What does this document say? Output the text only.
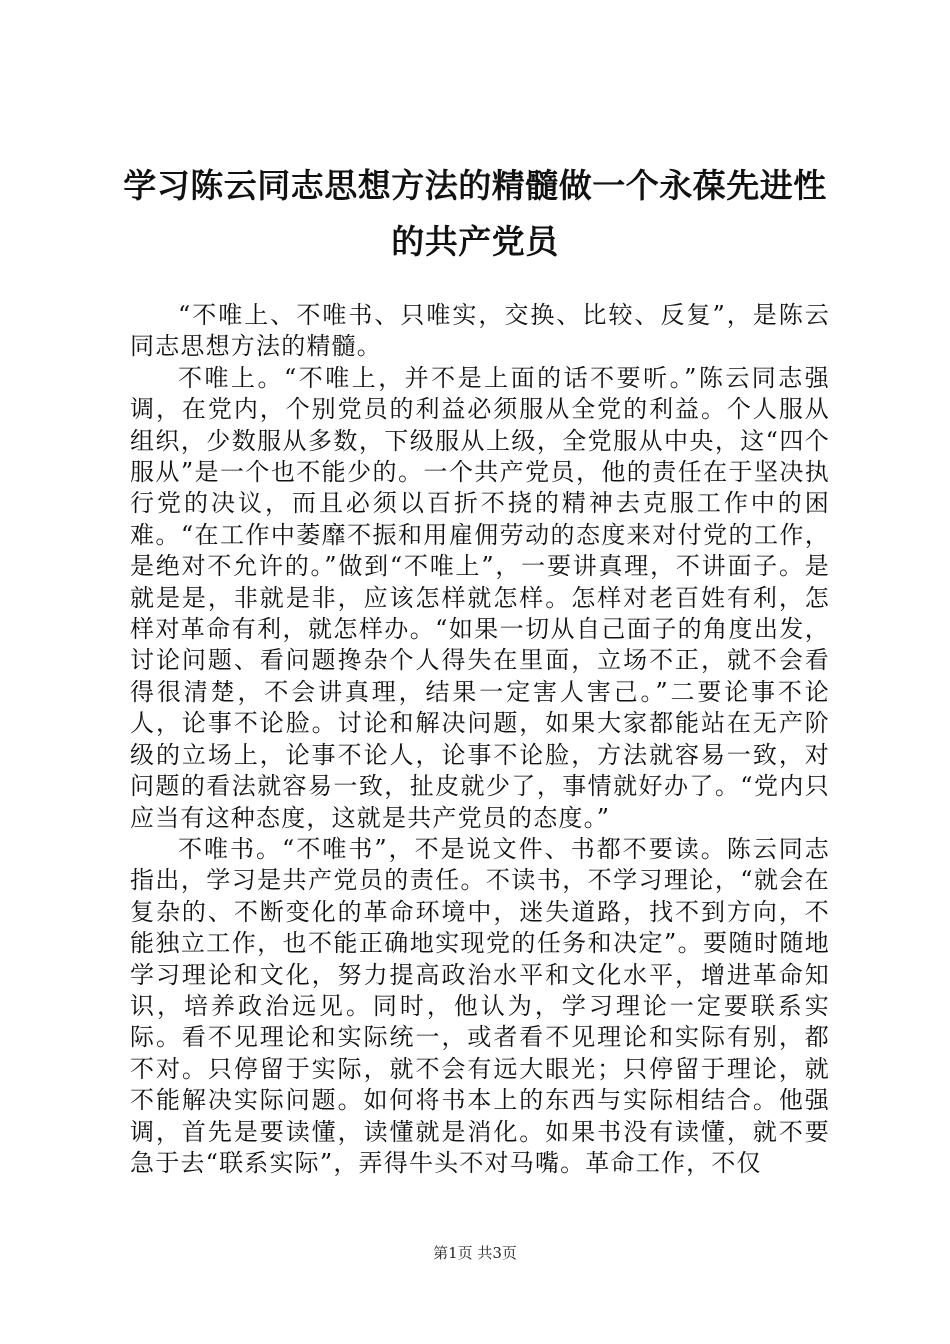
学习陈云同志思想方法的精髓做一个永葆先进性的共产党员

“不唯上、不唯书、只唯实，交换、比较、反复”，是陈云同志思想方法的精髓。

不唯上。“不唯上，并不是上面的话不要听。”陈云同志强调，在党内，个别党员的利益必须服从全党的利益。个人服从组织，少数服从多数，下级服从上级，全党服从中央，这“四个服从”是一个也不能少的。一个共产党员，他的责任在于坚决执行党的决议，而且必须以百折不挠的精神去克服工作中的困难。“在工作中萎靡不振和用雇佣劳动的态度来对付党的工作，是绝对不允许的。”做到“不唯上”，一要讲真理，不讲面子。是就是是，非就是非，应该怎样就怎样。怎样对老百姓有利，怎样对革命有利，就怎样办。“如果一切从自己面子的角度出发，讨论问题、看问题搀杂个人得失在里面，立场不正，就不会看得很清楚，不会讲真理，结果一定害人害己。”二要论事不论人，论事不论脸。讨论和解决问题，如果大家都能站在无产阶级的立场上，论事不论人，论事不论脸，方法就容易一致，对问题的看法就容易一致，扯皮就少了，事情就好办了。“党内只应当有这种态度，这就是共产党员的态度。”

不唯书。“不唯书”，不是说文件、书都不要读。陈云同志指出，学习是共产党员的责任。不读书，不学习理论，“就会在复杂的、不断变化的革命环境中，迷失道路，找不到方向，不能独立工作，也不能正确地实现党的任务和决定”。要随时随地学习理论和文化，努力提高政治水平和文化水平，增进革命知识，培养政治远见。同时，他认为，学习理论一定要联系实际。看不见理论和实际统一，或者看不见理论和实际有别，都不对。只停留于实际，就不会有远大眼光；只停留于理论，就不能解决实际问题。如何将书本上的东西与实际相结合。他强调，首先是要读懂，读懂就是消化。如果书没有读懂，就不要急于去“联系实际”，弄得牛头不对马嘴。革命工作，不仅

第1页 共3页
